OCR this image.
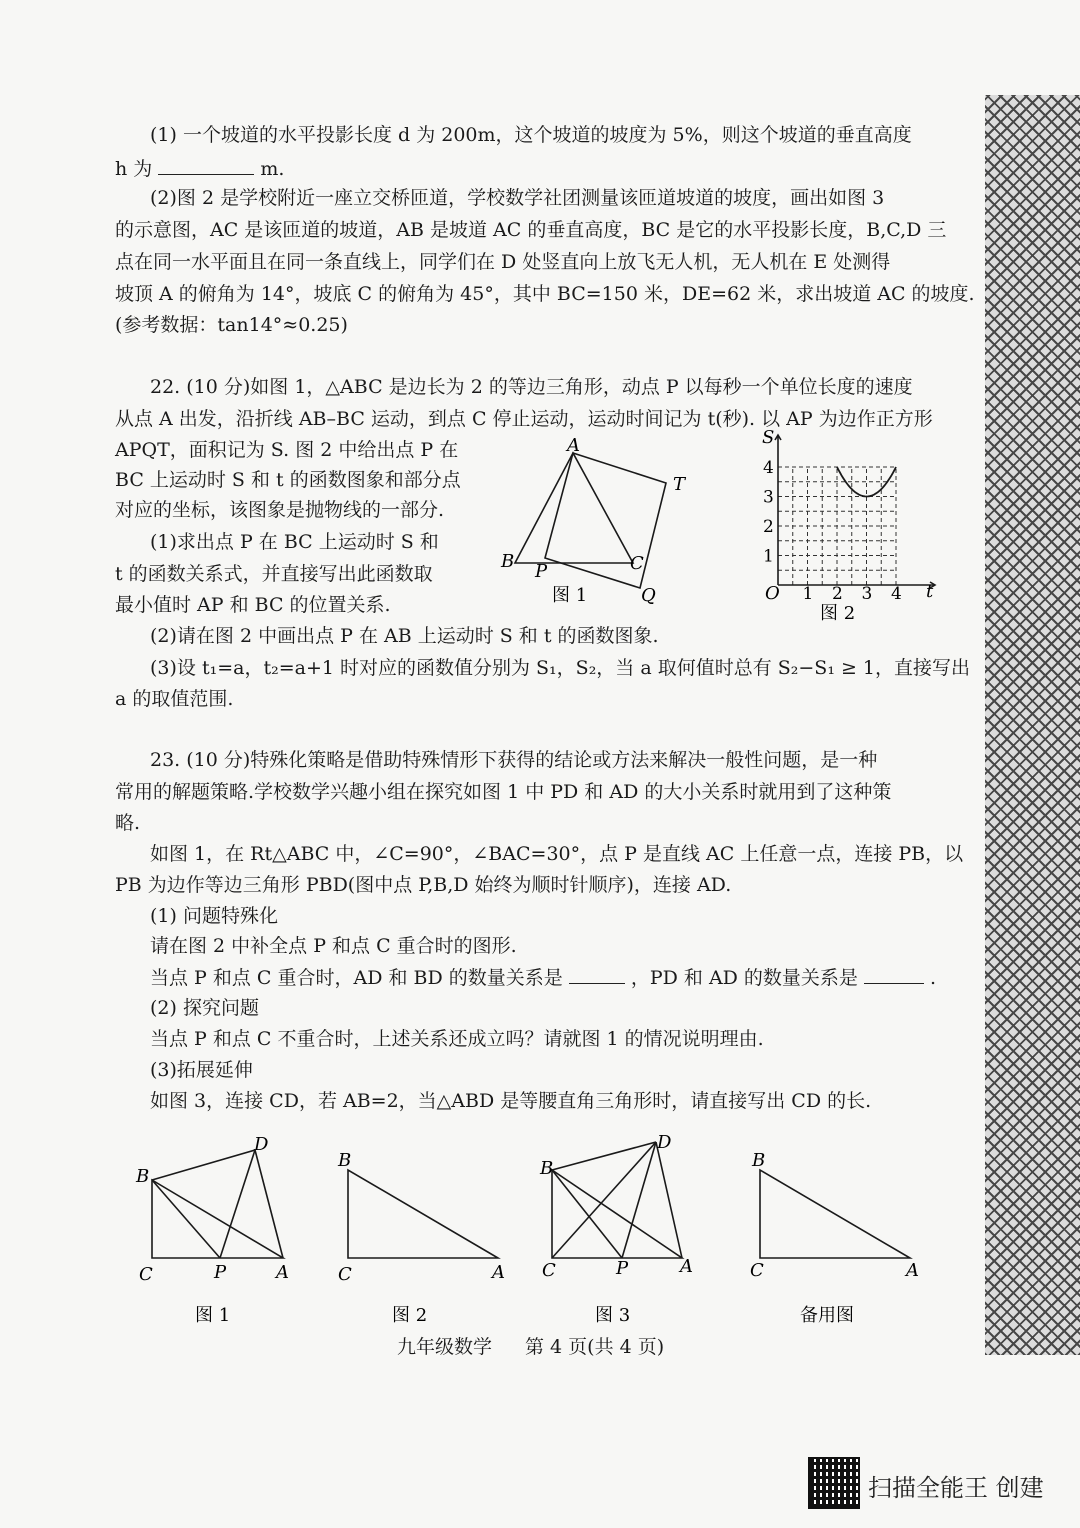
(1) 一个坡道的水平投影长度 d 为 200m，这个坡道的坡度为 5%，则这个坡道的垂直高度
h 为	m.
(2)图 2 是学校附近一座立交桥匝道，学校数学社团测量该匝道坡道的坡度，画出如图 3
的示意图，AC 是该匝道的坡道，AB 是坡道 AC 的垂直高度，BC 是它的水平投影长度，B,C,D 三
点在同一水平面且在同一条直线上，同学们在 D 处竖直向上放飞无人机，无人机在 E 处测得
坡顶 A 的俯角为 14°，坡底 C 的俯角为 45°，其中 BC=150 米，DE=62 米，求出坡道 AC 的坡度.
(参考数据：tan14°≈0.25)
22. (10 分)如图 1，△ABC 是边长为 2 的等边三角形，动点 P 以每秒一个单位长度的速度
从点 A 出发，沿折线 AB–BC 运动，到点 C 停止运动，运动时间记为 t(秒). 以 AP 为边作正方形
APQT，面积记为 S. 图 2 中给出点 P 在
BC 上运动时 S 和 t 的函数图象和部分点
对应的坐标，该图象是抛物线的一部分.
(1)求出点 P 在 BC 上运动时 S 和
t 的函数关系式，并直接写出此函数取
最小值时 AP 和 BC 的位置关系.
(2)请在图 2 中画出点 P 在 AB 上运动时 S 和 t 的函数图象.
(3)设 t₁=a，t₂=a+1 时对应的函数值分别为 S₁，S₂，当 a 取何值时总有 S₂−S₁ ≥ 1，直接写出
a 的取值范围.
A
B	C
P
Q
T
图 1
S
t
O
1
2
3
4
1 2 3 4
图 2
23. (10 分)特殊化策略是借助特殊情形下获得的结论或方法来解决一般性问题，是一种
常用的解题策略.学校数学兴趣小组在探究如图 1 中 PD 和 AD 的大小关系时就用到了这种策
略.
如图 1，在 Rt△ABC 中，∠C=90°，∠BAC=30°，点 P 是直线 AC 上任意一点，连接 PB，以
PB 为边作等边三角形 PBD(图中点 P,B,D 始终为顺时针顺序)，连接 AD.
(1) 问题特殊化
请在图 2 中补全点 P 和点 C 重合时的图形.
当点 P 和点 C 重合时，AD 和 BD 的数量关系是	，PD 和 AD 的数量关系是	.
(2) 探究问题
当点 P 和点 C 不重合时，上述关系还成立吗？请就图 1 的情况说明理由.
(3)拓展延伸
如图 3，连接 CD，若 AB=2，当△ABD 是等腰直角三角形时，请直接写出 CD 的长.
B
D
C	P	A
图 1
B
C	A
图 2
B
D
C	P	A
图 3
B
C	A
备用图
九年级数学 第 4 页(共 4 页)
扫描全能王 创建
